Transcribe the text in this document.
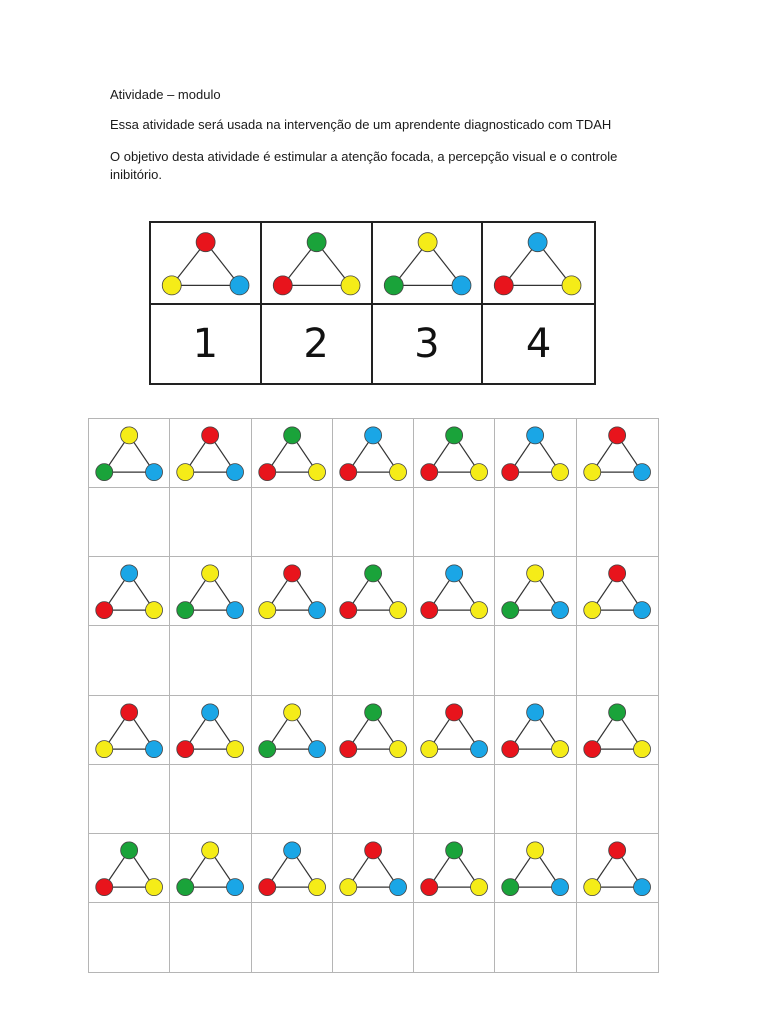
Atividade – modulo
Essa atividade será usada na intervenção de um aprendente diagnosticado com TDAH
O objetivo desta atividade é estimular a atenção focada, a percepção visual e o controle inibitório.
1	2	3	4
